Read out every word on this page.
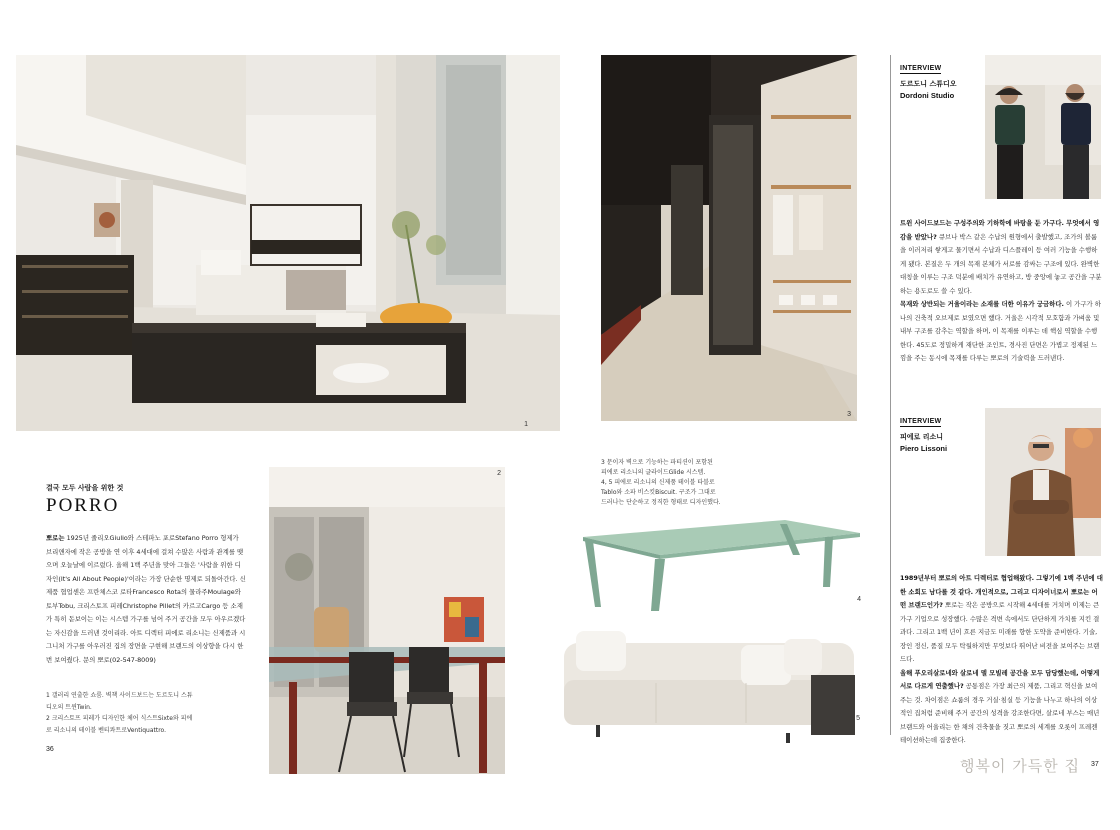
1
결국 모두 사람을 위한 것
PORRO
뽀로는 1925년 줄리오Giulio와 스테파노 포로Stefano Porro 형제가 브리앤자에 작은 공방을 연 이후 4세대에 걸쳐 수많은 사람과 관계를 맺으며 오늘날에 이르렀다. 올해 1백 주년을 맞아 그들은 '사람을 위한 디자인(It's All About People)'이라는 가장 단순한 명제로 되돌아간다. 신제품 협업센은 프란체스코 로타Francesco Rota의 물라주Moulage와 토부Tobu, 크리스토프 피레Christophe Pillet의 카르고Cargo 등 소재가 특히 돋보이는 이는 시스템 가구를 넘어 주거 공간을 모두 아우르겠다는 자신감을 드러낸 것이리라. 아트 디렉터 피에로 리소니는 신제품과 시그니처 가구를 아우러진 집의 장면을 구현해 브랜드의 이상향을 다시 한번 보여줬다. 문의 뽀로(02-547-8009)
1 갤러리 연출한 쇼룸. 벽책 사이드보드는 도르도니 스튜디오의 트윈Twin.
2 크리스토프 피레가 디자인한 체어 식스트Sixte와 피에로 리소니의 테이블 벤티콰트로Ventiquattro.
36
2
3
3 문이자 벽으로 기능하는 파티션이 포함된
피에로 리소니의 글라이드Glide 시스템.
4, 5 피에로 리소니의 신제품 테이블 타블로
Tablo와 소파 비스킷Biscuit. 구조가 그대로
드러나는 단순하고 정직한 형태로 디자인했다.
4
5
INTERVIEW
도르도니 스튜디오
Dordoni Studio
트윈 사이드보드는 구성주의와 기하학에 바탕을 둔 가구다. 무엇에서 영감을 받았나? 큐브나 박스 같은 수납의 원형에서 출발했고, 조가의 볼륨을 이러저리 쌓게고 물기면서 수납과 디스플레이 등 여러 기능을 수행하게 됐다. 본질은 두 개의 목재 본체가 서로를 감싸는 구조에 있다. 완벽한 대칭을 이루는 구조 덕분에 배치가 유연하고, 방 중앙에 놓고 공간을 구분하는 용도로도 쓸 수 있다.
목재와 상반되는 거울이라는 소재를 더한 이유가 궁금하다. 이 가구가 하나의 건축적 오브제로 보였으면 했다. 거울은 시각적 모호함과 가벼움 및 내부 구조를 감추는 역할을 하며, 이 목재를 이루는 데 핵심 역할을 수행한다. 45도로 정밀하게 재단한 조인트, 경사진 단면은 가볍고 정제된 느낌을 주는 동시에 목재를 다루는 뽀로의 기술력을 드러낸다.
INTERVIEW
피에로 리소니
Piero Lissoni
1989년부터 뽀로의 아트 디렉터로 협업해왔다. 그렇기에 1백 주년에 대한 소회도 남다를 것 같다. 개인적으로, 그리고 디자이너로서 뽀로는 어떤 브랜드인가? 뽀로는 작은 공방으로 시작해 4세대를 거치며 이제는 큰 가구 기업으로 성장했다. 수많은 격변 속에서도 단단하게 가치를 지킨 결과다. 그리고 1백 년이 흐른 지금도 미래를 향한 도약을 준비한다. 기술, 장인 정신, 품질 모두 탁월하지만 무엇보다 뛰어난 비전을 보여주는 브랜드다.
올해 푸오리살로네와 살로네 델 모빌레 공간을 모두 담당했는데, 어떻게 서로 다르게 연출했나? 공통점은 가장 최근의 제품, 그리고 혁신을 보여주는 것. 차이점은 쇼룸의 경우 거실·침실 등 기능을 나누고 하나의 이상적인 집처럼 준비해 주거 공간의 성격을 강조한다면, 살로네 부스는 매년 브랜드와 어울리는 한 채의 건축물을 짓고 뽀로의 세계를 오롯이 프레젠테이션하는데 집중한다.
행복이 가득한 집 37
